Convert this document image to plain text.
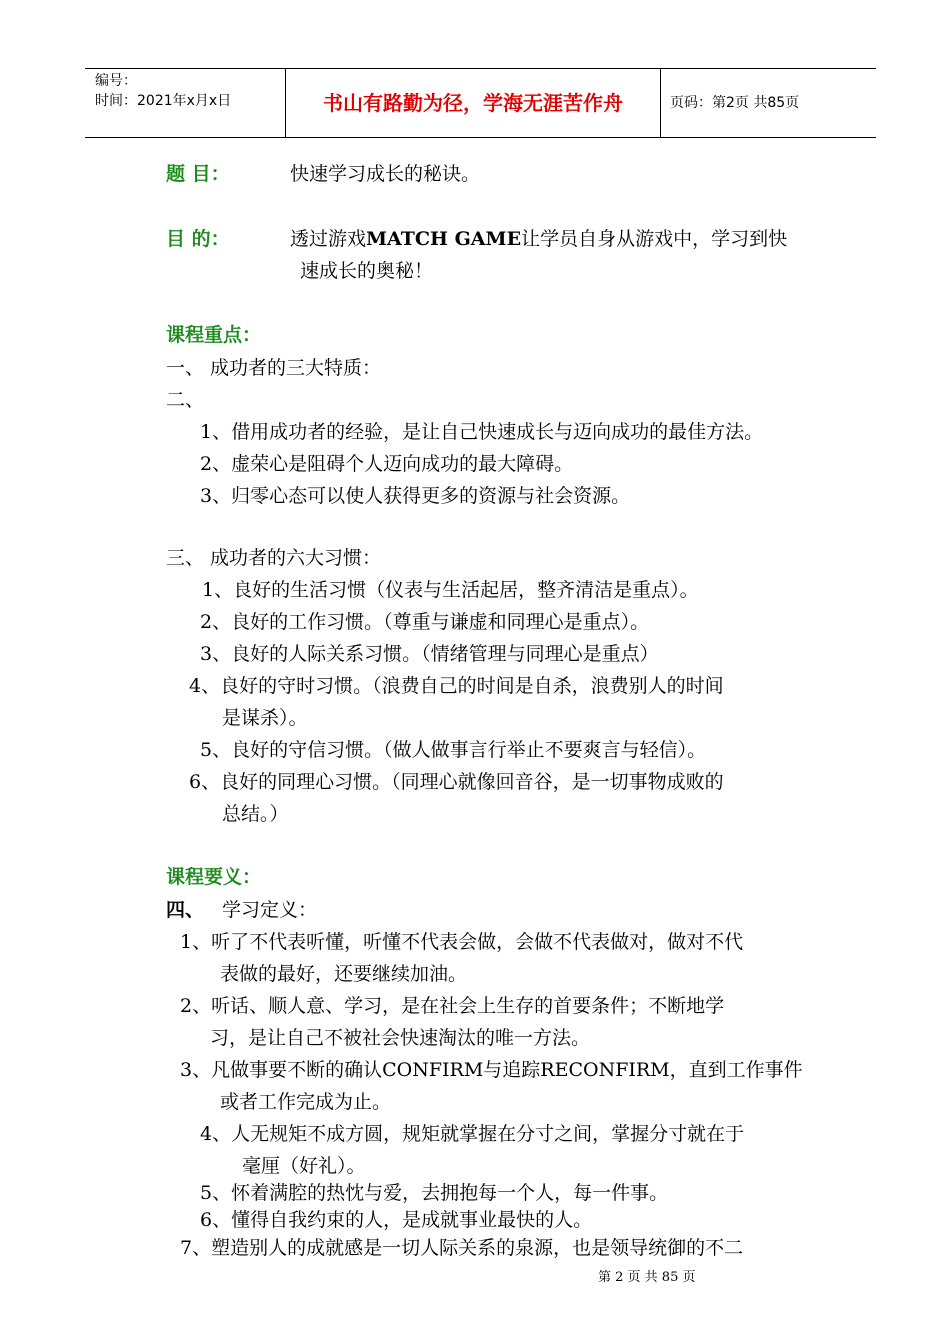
编号：
时间：2021年x月x日	书山有路勤为径，学海无涯苦作舟	页码：第2页 共85页
题 目：	快速学习成长的秘诀。
目 的：	透过游戏MATCH GAME让学员自身从游戏中，学习到快
速成长的奥秘！
课程重点：
一、 成功者的三大特质：
二、
1、借用成功者的经验，是让自己快速成长与迈向成功的最佳方法。
2、虚荣心是阻碍个人迈向成功的最大障碍。
3、归零心态可以使人获得更多的资源与社会资源。
三、 成功者的六大习惯：
1、良好的生活习惯（仪表与生活起居，整齐清洁是重点）。
2、良好的工作习惯。（尊重与谦虚和同理心是重点）。
3、良好的人际关系习惯。（情绪管理与同理心是重点）
4、良好的守时习惯。（浪费自己的时间是自杀，浪费别人的时间
是谋杀）。
5、良好的守信习惯。（做人做事言行举止不要爽言与轻信）。
6、良好的同理心习惯。（同理心就像回音谷，是一切事物成败的
总结。）
课程要义：
四、 学习定义：
1、听了不代表听懂，听懂不代表会做，会做不代表做对，做对不代
表做的最好，还要继续加油。
2、听话、顺人意、学习，是在社会上生存的首要条件；不断地学
习，是让自己不被社会快速淘汰的唯一方法。
3、凡做事要不断的确认CONFIRM与追踪RECONFIRM，直到工作事件
或者工作完成为止。
4、人无规矩不成方圆，规矩就掌握在分寸之间，掌握分寸就在于
毫厘（好礼）。
5、怀着满腔的热忱与爱，去拥抱每一个人，每一件事。
6、懂得自我约束的人，是成就事业最快的人。
7、塑造别人的成就感是一切人际关系的泉源，也是领导统御的不二
第 2 页 共 85 页
